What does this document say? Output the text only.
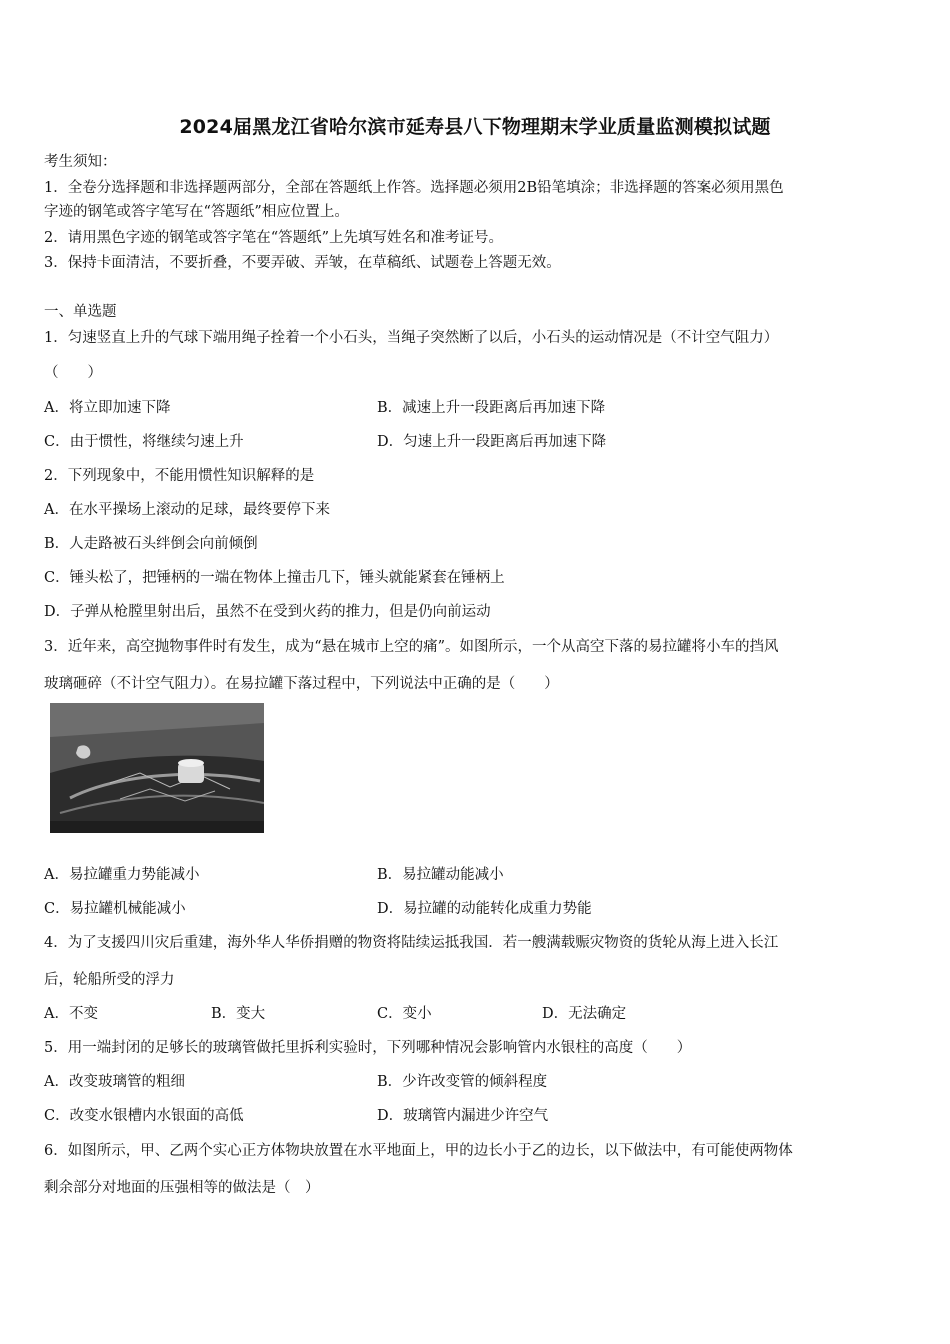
2024届黑龙江省哈尔滨市延寿县八下物理期末学业质量监测模拟试题
考生须知：
1．全卷分选择题和非选择题两部分，全部在答题纸上作答。选择题必须用2B铅笔填涂；非选择题的答案必须用黑色
字迹的钢笔或答字笔写在“答题纸”相应位置上。
2．请用黑色字迹的钢笔或答字笔在“答题纸”上先填写姓名和准考证号。
3．保持卡面清洁，不要折叠，不要弄破、弄皱，在草稿纸、试题卷上答题无效。
一、单选题
1．匀速竖直上升的气球下端用绳子拴着一个小石头，当绳子突然断了以后，小石头的运动情况是（不计空气阻力）
（　　）
A．将立即加速下降	B．减速上升一段距离后再加速下降
C．由于惯性，将继续匀速上升	D．匀速上升一段距离后再加速下降
2．下列现象中，不能用惯性知识解释的是
A．在水平操场上滚动的足球，最终要停下来
B．人走路被石头绊倒会向前倾倒
C．锤头松了，把锤柄的一端在物体上撞击几下，锤头就能紧套在锤柄上
D．子弹从枪膛里射出后，虽然不在受到火药的推力，但是仍向前运动
3．近年来，高空抛物事件时有发生，成为“悬在城市上空的痛”。如图所示，一个从高空下落的易拉罐将小车的挡风
玻璃砸碎（不计空气阻力）。在易拉罐下落过程中，下列说法中正确的是（　　）
A．易拉罐重力势能减小	B．易拉罐动能减小
C．易拉罐机械能减小	D．易拉罐的动能转化成重力势能
4．为了支援四川灾后重建，海外华人华侨捐赠的物资将陆续运抵我国．若一艘满载赈灾物资的货轮从海上进入长江
后，轮船所受的浮力
A．不变	B．变大	C．变小	D．无法确定
5．用一端封闭的足够长的玻璃管做托里拆利实验时，下列哪种情况会影响管内水银柱的高度（　　）
A．改变玻璃管的粗细	B．少许改变管的倾斜程度
C．改变水银槽内水银面的高低	D．玻璃管内漏进少许空气
6．如图所示，甲、乙两个实心正方体物块放置在水平地面上，甲的边长小于乙的边长，以下做法中，有可能使两物体
剩余部分对地面的压强相等的做法是（　）
